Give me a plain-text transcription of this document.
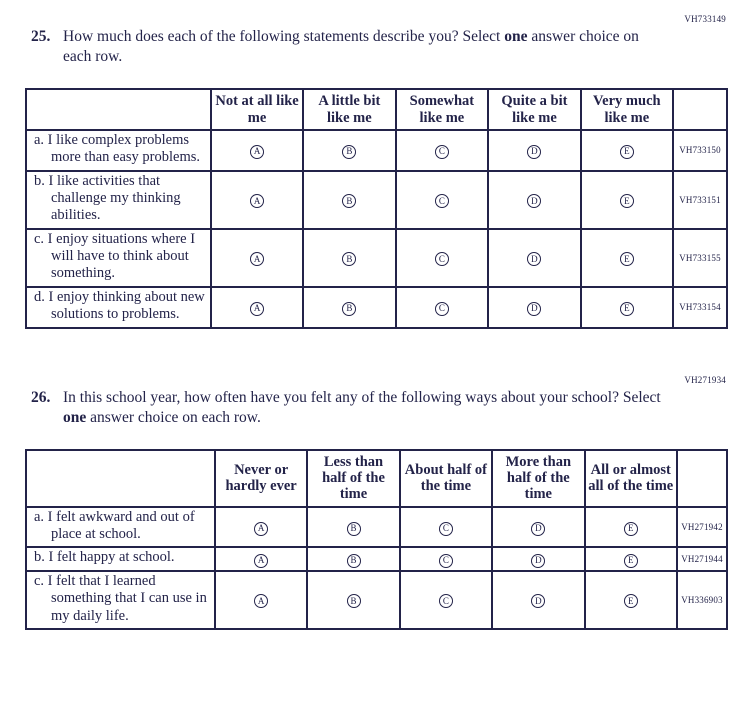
VH733149
25. How much does each of the following statements describe you? Select one answer choice on each row.
	Not at all like me	A little bit like me	Somewhat like me	Quite a bit like me	Very much like me	
a. I like complex problems more than easy problems.	A	B	C	D	E	VH733150
b. I like activities that challenge my thinking abilities.	A	B	C	D	E	VH733151
c. I enjoy situations where I will have to think about something.	A	B	C	D	E	VH733155
d. I enjoy thinking about new solutions to problems.	A	B	C	D	E	VH733154
VH271934
26. In this school year, how often have you felt any of the following ways about your school? Select one answer choice on each row.
	Never or hardly ever	Less than half of the time	About half of the time	More than half of the time	All or almost all of the time	
a. I felt awkward and out of place at school.	A	B	C	D	E	VH271942
b. I felt happy at school.	A	B	C	D	E	VH271944
c. I felt that I learned something that I can use in my daily life.	A	B	C	D	E	VH336903
